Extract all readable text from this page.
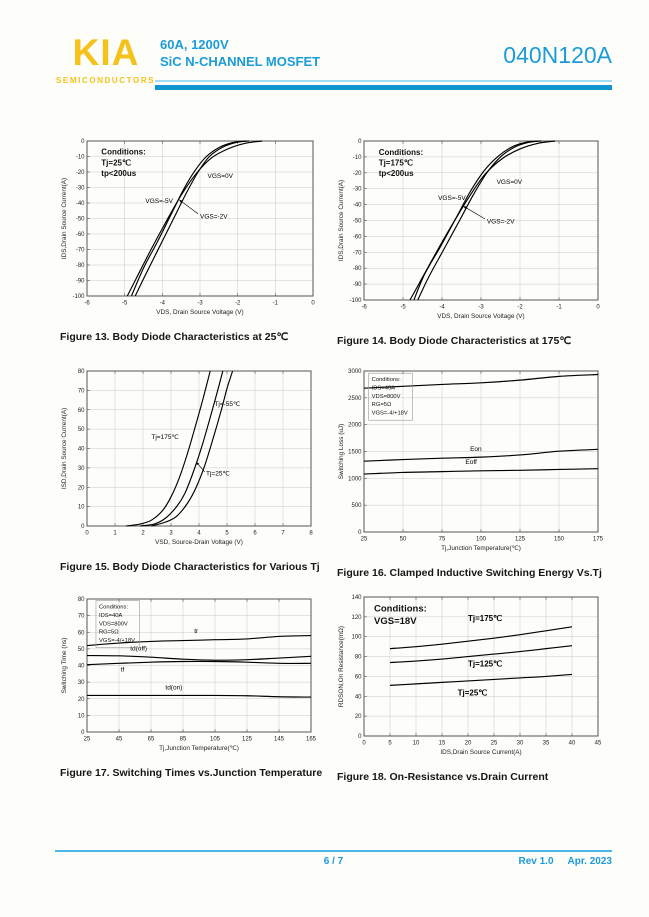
KIA
SEMICONDUCTORS
60A, 1200V
SiC N-CHANNEL MOSFET	040N120A
-6	-5	-4	-3	-2	-1	0
0
-10
-20
-30
-40
-50
-60
-70
-80
-90
-100
VDS, Drain Source Voltage (V)
IDS,Drain Source Current(A)
VGS=0V
VGS=-5V
VGS=-2V
Conditions:
Tj=25℃
tp<200us
Figure 13. Body Diode Characteristics at 25℃
-6	-5	-4	-3	-2	-1	0
0
-10
-20
-30
-40
-50
-60
-70
-80
-90
-100
VDS, Drain Source Voltage (V)
IDS,Drain Source Current(A)	VGS=0V
VGS=-5V
VGS=-2V
Conditions:
Tj=175℃
tp<200us
Figure 14. Body Diode Characteristics at 175℃
0	1	2	3	4	5	6	7	8
0
10
20
30
40
50
60
70
80
VSD, Source-Drain Voltage (V)
ISD,Drain Source Current(A)	Tj=175℃
Tj=-55℃
Tj=25℃
Figure 15. Body Diode Characteristics for Various Tj
25	50	75	100	125	150	175
0
500
1000
1500
2000
2500
3000
Tj,Junction Temperature(℃)
Switching Loss (uJ)	Eon
Eoff
Conditions:
IDS=40A
VDS=800V
RG=5Ω
VGS=-4/+18V
Figure 16. Clamped Inductive Switching Energy Vs.Tj
25	45	65	85	105	125	145	165
0
10
20
30
40
50
60
70
80
Tj,Junction Temperature(℃)
Switching Time (ns)
tr
td(off)
tf
td(on)
Conditions:
IDS=40A
VDS=800V
RG=5Ω
VGS=-4/+18V
Figure 17. Switching Times vs.Junction Temperature
0	5	10	15	20	25	30	35	40	45
0
20
40
60
80
100
120
140
IDS,Drain Source Current(A)
RDSON,On Resistance(mΩ)
Tj=175℃
Tj=125℃
Tj=25℃
Conditions:
VGS=18V
Figure 18. On-Resistance vs.Drain Current
6 / 7	Rev 1.0 Apr. 2023
